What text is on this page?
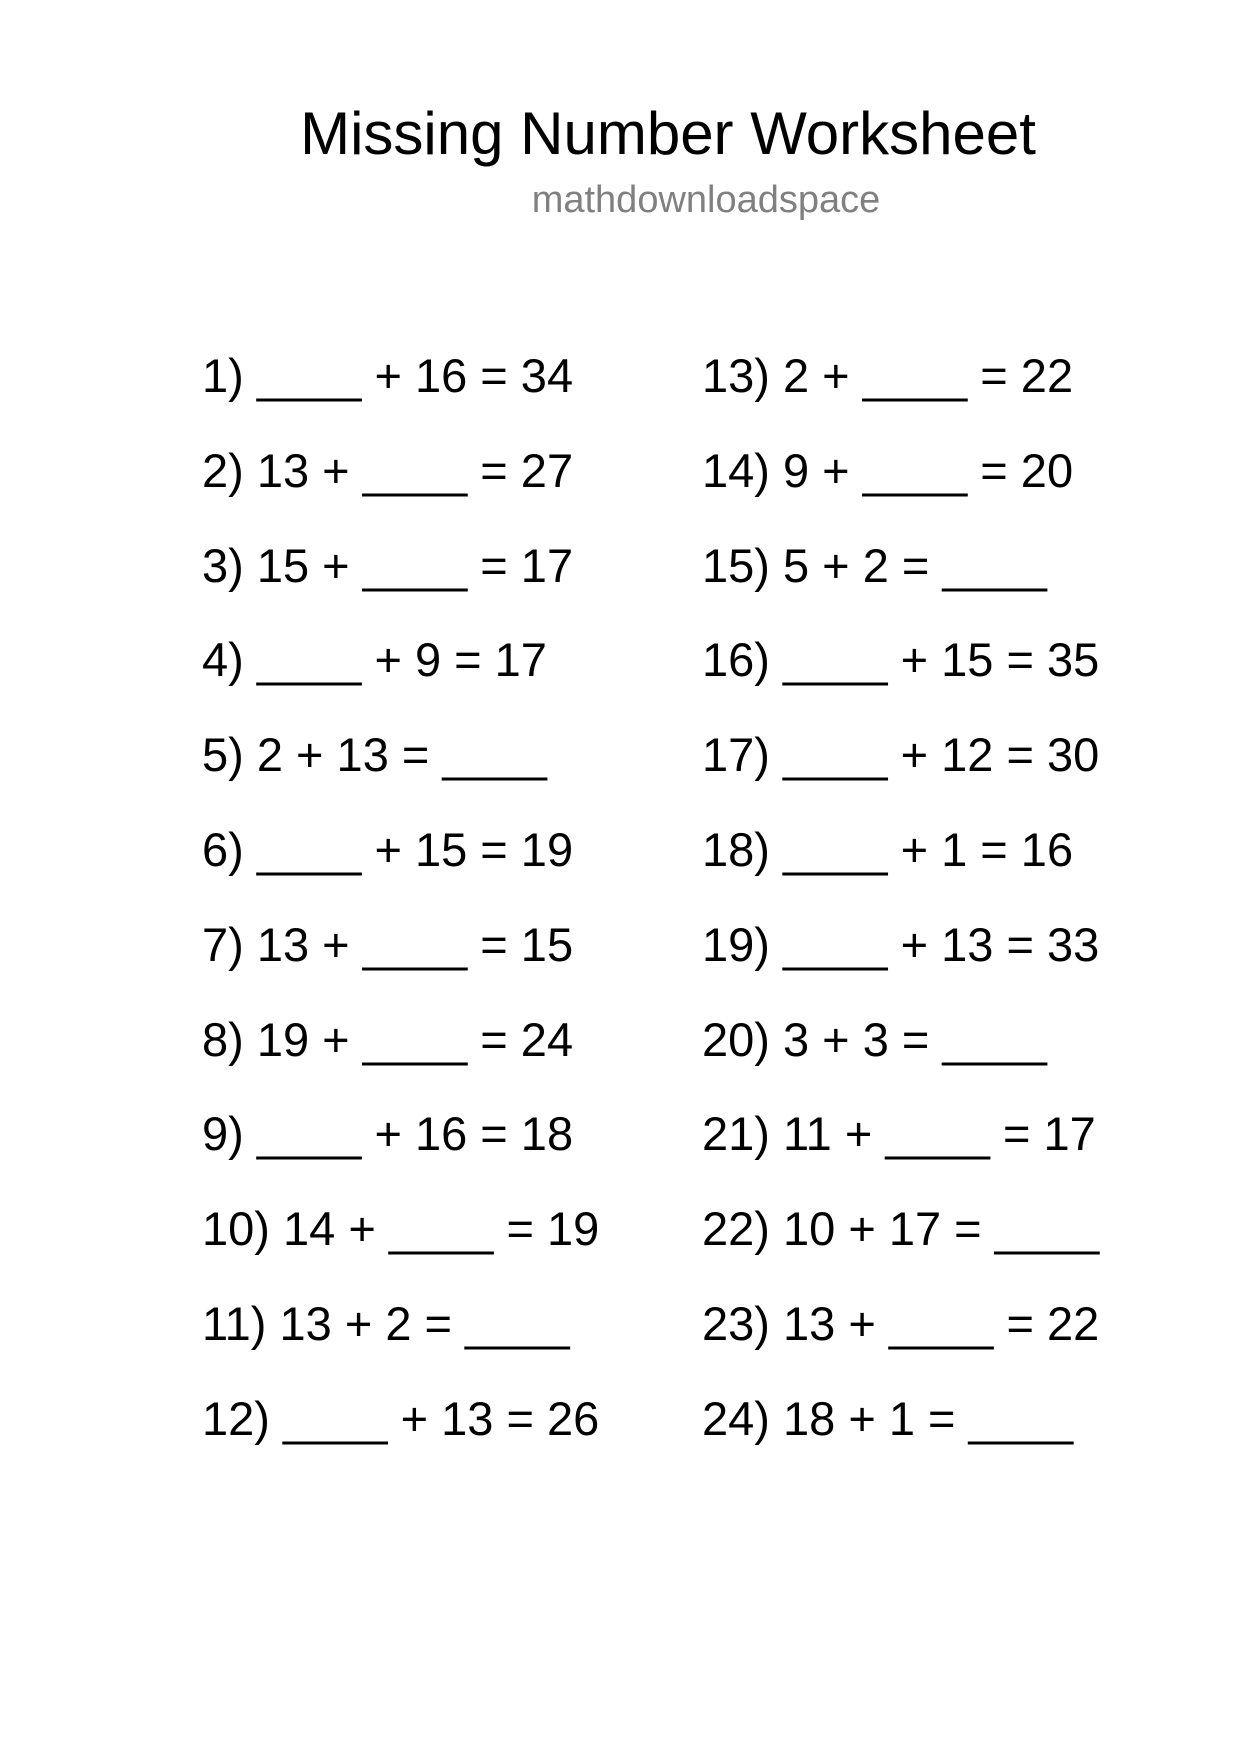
Missing Number Worksheet
mathdownloadspace
1) ____ + 16 = 34
2) 13 + ____ = 27
3) 15 + ____ = 17
4) ____ + 9 = 17
5) 2 + 13 = ____
6) ____ + 15 = 19
7) 13 + ____ = 15
8) 19 + ____ = 24
9) ____ + 16 = 18
10) 14 + ____ = 19
11) 13 + 2 = ____
12) ____ + 13 = 26
13) 2 + ____ = 22
14) 9 + ____ = 20
15) 5 + 2 = ____
16) ____ + 15 = 35
17) ____ + 12 = 30
18) ____ + 1 = 16
19) ____ + 13 = 33
20) 3 + 3 = ____
21) 11 + ____ = 17
22) 10 + 17 = ____
23) 13 + ____ = 22
24) 18 + 1 = ____
